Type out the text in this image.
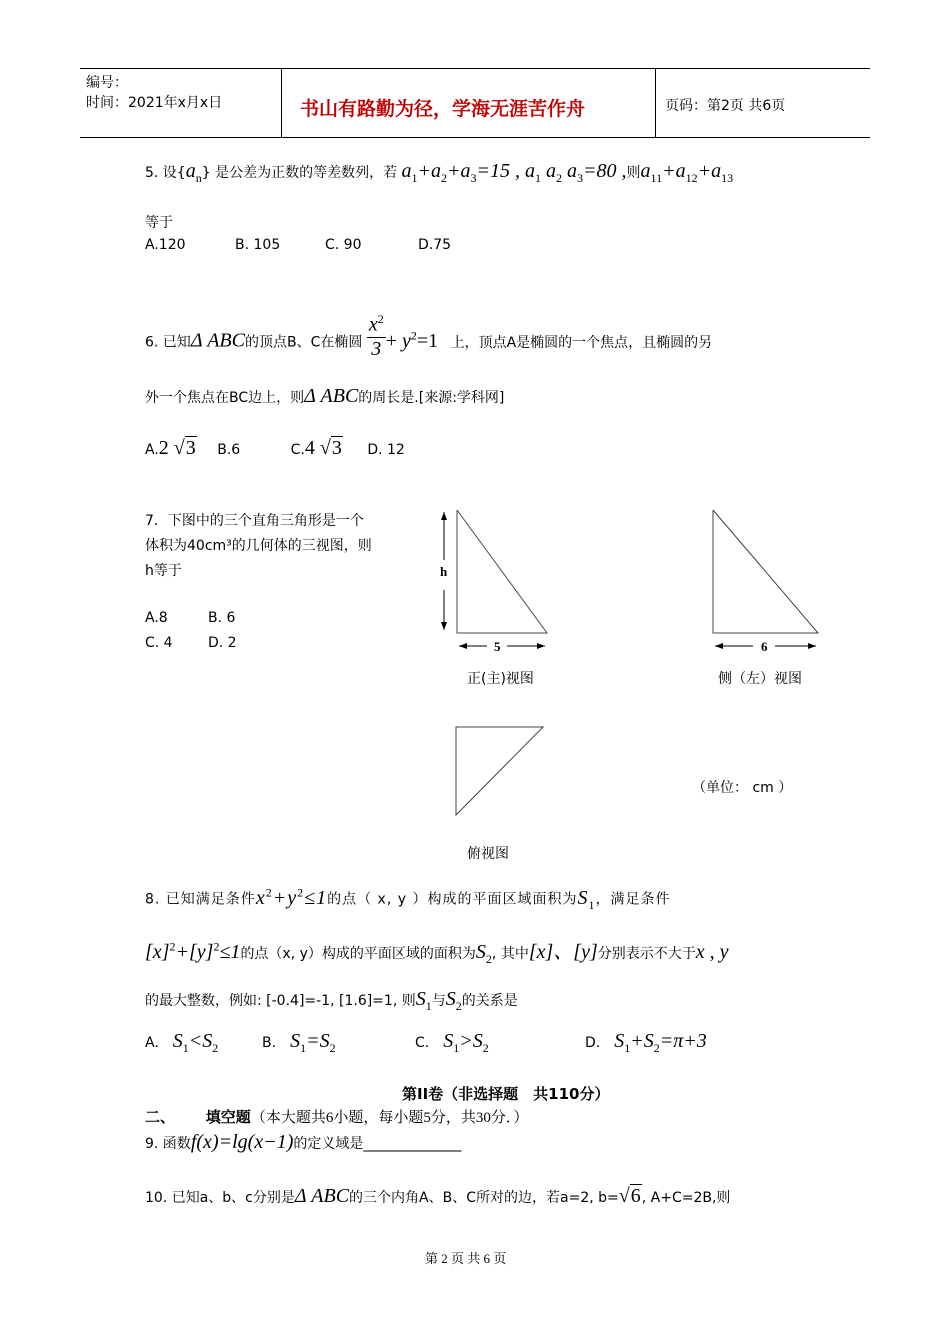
编号：
时间：2021年x月x日	书山有路勤为径，学海无涯苦作舟	页码：第2页 共6页
5. 设$\{a_n\}$ 是公差为正数的等差数列，若 $a_1+a_2+a_3=15$ , $a_1$ $a_2$ $a_3=80$ ,则$a_{11}+a_{12}+a_{13}$
等于
A.120	B. 105	C. 90	D.75
6. 已知Δ ABC的顶点B、C在椭圆 $\frac{x^2}{3} + y^2=1$ 上，顶点A是椭圆的一个焦点，且椭圆的另
外一个焦点在BC边上，则Δ ABC的周长是.[来源:学科网]
A.2 √3 B.6	C.4 √3 D. 12
7．下图中的三个直角三角形是一个
体积为40cm³的几何体的三视图，则
h等于
A.8	B. 6
C. 4	D. 2
h
5	6
正(主)视图	侧（左）视图
俯视图
（单位： cm ）
8. 已知满足条件$x^2+y^2\le 1$的点（ x, y ）构成的平面区域面积为$S_1$，满足条件
$[x]^2+[y]^2\le 1$的点（x, y）构成的平面区域的面积为$S_2$, 其中[x]、[y]分别表示不大于x , y
的最大整数，例如: [-0.4]=-1, [1.6]=1, 则$S_1$与$S_2$的关系是
A. $S_1<S_2$	B. $S_1=S_2$	C. $S_1>S_2$	D. $S_1+S_2=\pi+3$
第II卷（非选择题　共110分）
二、 填空题（本大题共6小题，每小题5分，共30分．）
9. 函数f(x)=lg(x−1)的定义域是______________
10. 已知a、b、c分别是Δ ABC的三个内角A、B、C所对的边，若a=2, b=√6, A+C=2B,则
第 2 页 共 6 页
